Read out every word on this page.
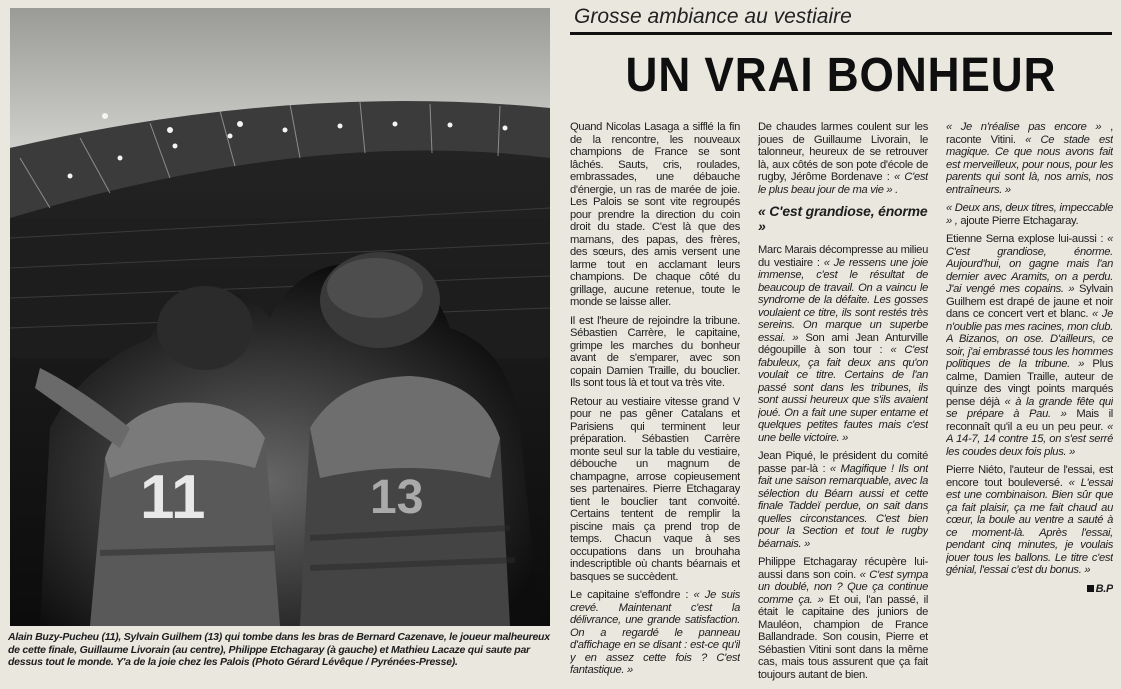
11	13
Alain Buzy-Pucheu (11), Sylvain Guilhem (13) qui tombe dans les bras de Bernard Cazenave, le joueur malheureux de cette finale, Guillaume Livorain (au centre), Philippe Etchagaray (à gauche) et Mathieu Lacaze qui saute par dessus tout le monde. Y'a de la joie chez les Palois (Photo Gérard Lévêque / Pyrénées-Presse).
Grosse ambiance au vestiaire
UN VRAI BONHEUR

Quand Nicolas Lasaga a sifflé la fin de la rencontre, les nouveaux champions de France se sont lâchés. Sauts, cris, roulades, embrassades, une débauche d'énergie, un ras de marée de joie. Les Palois se sont vite regroupés pour prendre la direction du coin droit du stade. C'est là que des mamans, des papas, des frères, des sœurs, des amis versent une larme tout en acclamant leurs champions. De chaque côté du grillage, aucune retenue, toute le monde se laisse aller.

Il est l'heure de rejoindre la tribune. Sébastien Carrère, le capitaine, grimpe les marches du bonheur avant de s'emparer, avec son copain Damien Traille, du bouclier. Ils sont tous là et tout va très vite.

Retour au vestiaire vitesse grand V pour ne pas gêner Catalans et Parisiens qui terminent leur préparation. Sébastien Carrère monte seul sur la table du vestiaire, débouche un magnum de champagne, arrose copieusement ses partenaires. Pierre Etchagaray tient le bouclier tant convoité. Certains tentent de remplir la piscine mais ça prend trop de temps. Chacun vaque à ses occupations dans un brouhaha indescriptible où chants béarnais et basques se succèdent.

Le capitaine s'effondre : « Je suis crevé. Maintenant c'est la délivrance, une grande satisfaction. On a regardé le panneau d'affichage en se disant : est-ce qu'il y en assez cette fois ? C'est fantastique. »

De chaudes larmes coulent sur les joues de Guillaume Livorain, le talonneur, heureux de se retrouver là, aux côtés de son pote d'école de rugby, Jérôme Bordenave : « C'est le plus beau jour de ma vie » .

« C'est grandiose, énorme »

Marc Marais décompresse au milieu du vestiaire : « Je ressens une joie immense, c'est le résultat de beaucoup de travail. On a vaincu le syndrome de la défaite. Les gosses voulaient ce titre, ils sont restés très sereins. On marque un superbe essai. » Son ami Jean Anturville dégoupille à son tour : « C'est fabuleux, ça fait deux ans qu'on voulait ce titre. Certains de l'an passé sont dans les tribunes, ils sont aussi heureux que s'ils avaient joué. On a fait une super entame et quelques petites fautes mais c'est une belle victoire. »

Jean Piqué, le président du comité passe par-là : « Magifique ! Ils ont fait une saison remarquable, avec la sélection du Béarn aussi et cette finale Taddeï perdue, on sait dans quelles circonstances. C'est bien pour la Section et tout le rugby béarnais. »

Philippe Etchagaray récupère lui-aussi dans son coin. « C'est sympa un doublé, non ? Que ça continue comme ça. » Et oui, l'an passé, il était le capitaine des juniors de Mauléon, champion de France Ballandrade. Son cousin, Pierre et Sébastien Vitini sont dans la même cas, mais tous assurent que ça fait toujours autant de bien.

« Je n'réalise pas encore » , raconte Vitini. « Ce stade est magique. Ce que nous avons fait est merveilleux, pour nous, pour les parents qui sont là, nos amis, nos entraîneurs. »

« Deux ans, deux titres, impeccable » , ajoute Pierre Etchagaray.

Etienne Serna explose lui-aussi : « C'est grandiose, énorme. Aujourd'hui, on gagne mais l'an dernier avec Aramits, on a perdu. J'ai vengé mes copains. » Sylvain Guilhem est drapé de jaune et noir dans ce concert vert et blanc. « Je n'oublie pas mes racines, mon club. A Bizanos, on ose. D'ailleurs, ce soir, j'ai embrassé tous les hommes politiques de la tribune. » Plus calme, Damien Traille, auteur de quinze des vingt points marqués pense déjà « à la grande fête qui se prépare à Pau. » Mais il reconnaît qu'il a eu un peu peur. « A 14-7, 14 contre 15, on s'est serré les coudes deux fois plus. »

Pierre Niéto, l'auteur de l'essai, est encore tout bouleversé. « L'essai est une combinaison. Bien sûr que ça fait plaisir, ça me fait chaud au cœur, la boule au ventre a sauté à ce moment-là. Après l'essai, pendant cinq minutes, je voulais jouer tous les ballons. Le titre c'est génial, l'essai c'est du bonus. »

B.P
